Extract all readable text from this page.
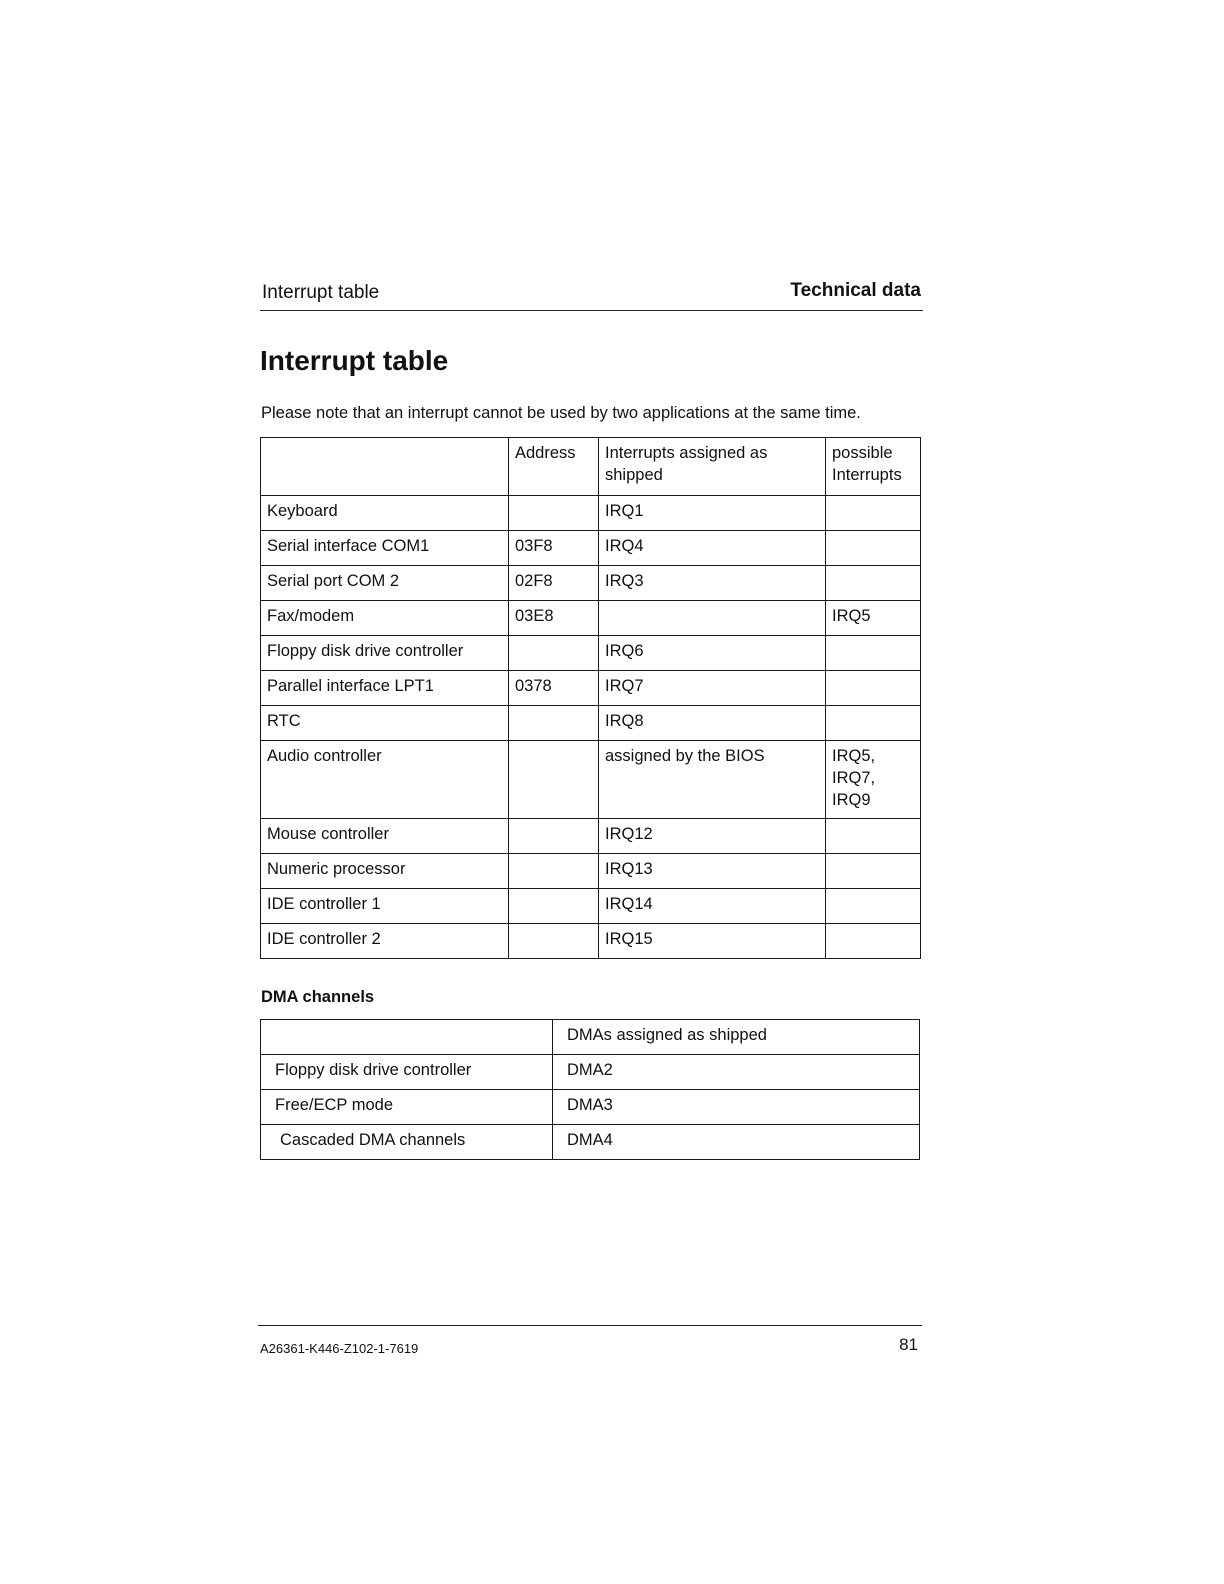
Interrupt table	Technical data
Interrupt table

Please note that an interrupt cannot be used by two applications at the same time.

	Address	Interrupts assigned as shipped	possible Interrupts
Keyboard		IRQ1	
Serial interface COM1	03F8	IRQ4	
Serial port COM 2	02F8	IRQ3	
Fax/modem	03E8		IRQ5
Floppy disk drive controller		IRQ6	
Parallel interface LPT1	0378	IRQ7	
RTC		IRQ8	
Audio controller		assigned by the BIOS	IRQ5,
IRQ7,
IRQ9
Mouse controller		IRQ12	
Numeric processor		IRQ13	
IDE controller 1		IRQ14	
IDE controller 2		IRQ15	
DMA channels
	DMAs assigned as shipped
Floppy disk drive controller	DMA2
Free/ECP mode	DMA3
Cascaded DMA channels	DMA4
A26361-K446-Z102-1-7619	81
